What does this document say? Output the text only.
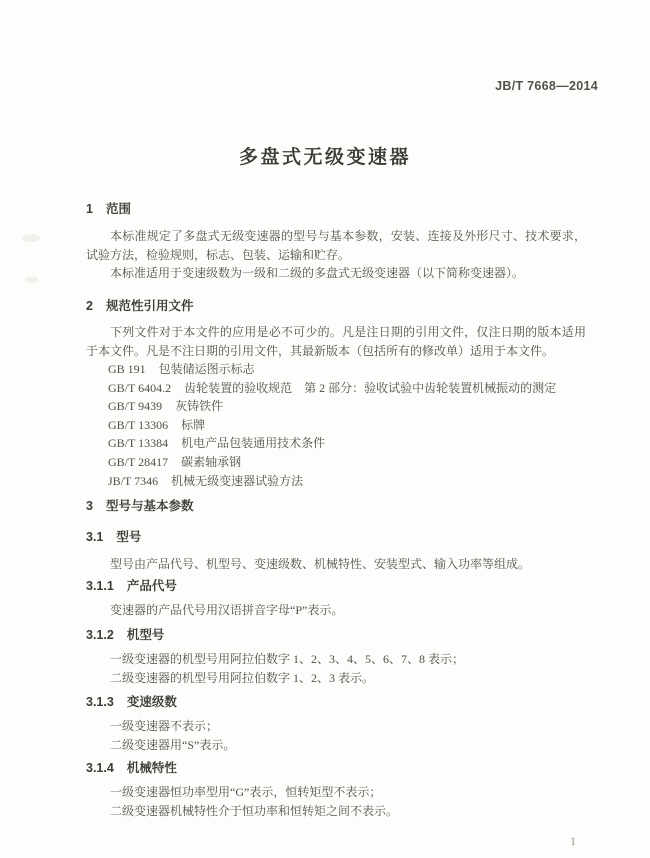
JB/T 7668—2014
多盘式无级变速器
1 范围
本标准规定了多盘式无级变速器的型号与基本参数，安装、连接及外形尺寸、技术要求，试验方法，检验规则，标志、包装、运输和贮存。
本标准适用于变速级数为一级和二级的多盘式无级变速器（以下简称变速器）。
2 规范性引用文件
下列文件对于本文件的应用是必不可少的。凡是注日期的引用文件，仅注日期的版本适用于本文件。凡是不注日期的引用文件，其最新版本（包括所有的修改单）适用于本文件。
GB 191 包装储运图示标志
GB/T 6404.2 齿轮装置的验收规范　第 2 部分：验收试验中齿轮装置机械振动的测定
GB/T 9439 灰铸铁件
GB/T 13306 标牌
GB/T 13384 机电产品包装通用技术条件
GB/T 28417 碳素轴承钢
JB/T 7346 机械无级变速器试验方法
3 型号与基本参数
3.1 型号
型号由产品代号、机型号、变速级数、机械特性、安装型式、输入功率等组成。
3.1.1 产品代号
变速器的产品代号用汉语拼音字母“P”表示。
3.1.2 机型号
一级变速器的机型号用阿拉伯数字 1、2、3、4、5、6、7、8 表示；
二级变速器的机型号用阿拉伯数字 1、2、3 表示。
3.1.3 变速级数
一级变速器不表示；
二级变速器用“S”表示。
3.1.4 机械特性
一级变速器恒功率型用“G”表示，恒转矩型不表示；
二级变速器机械特性介于恒功率和恒转矩之间不表示。
1
